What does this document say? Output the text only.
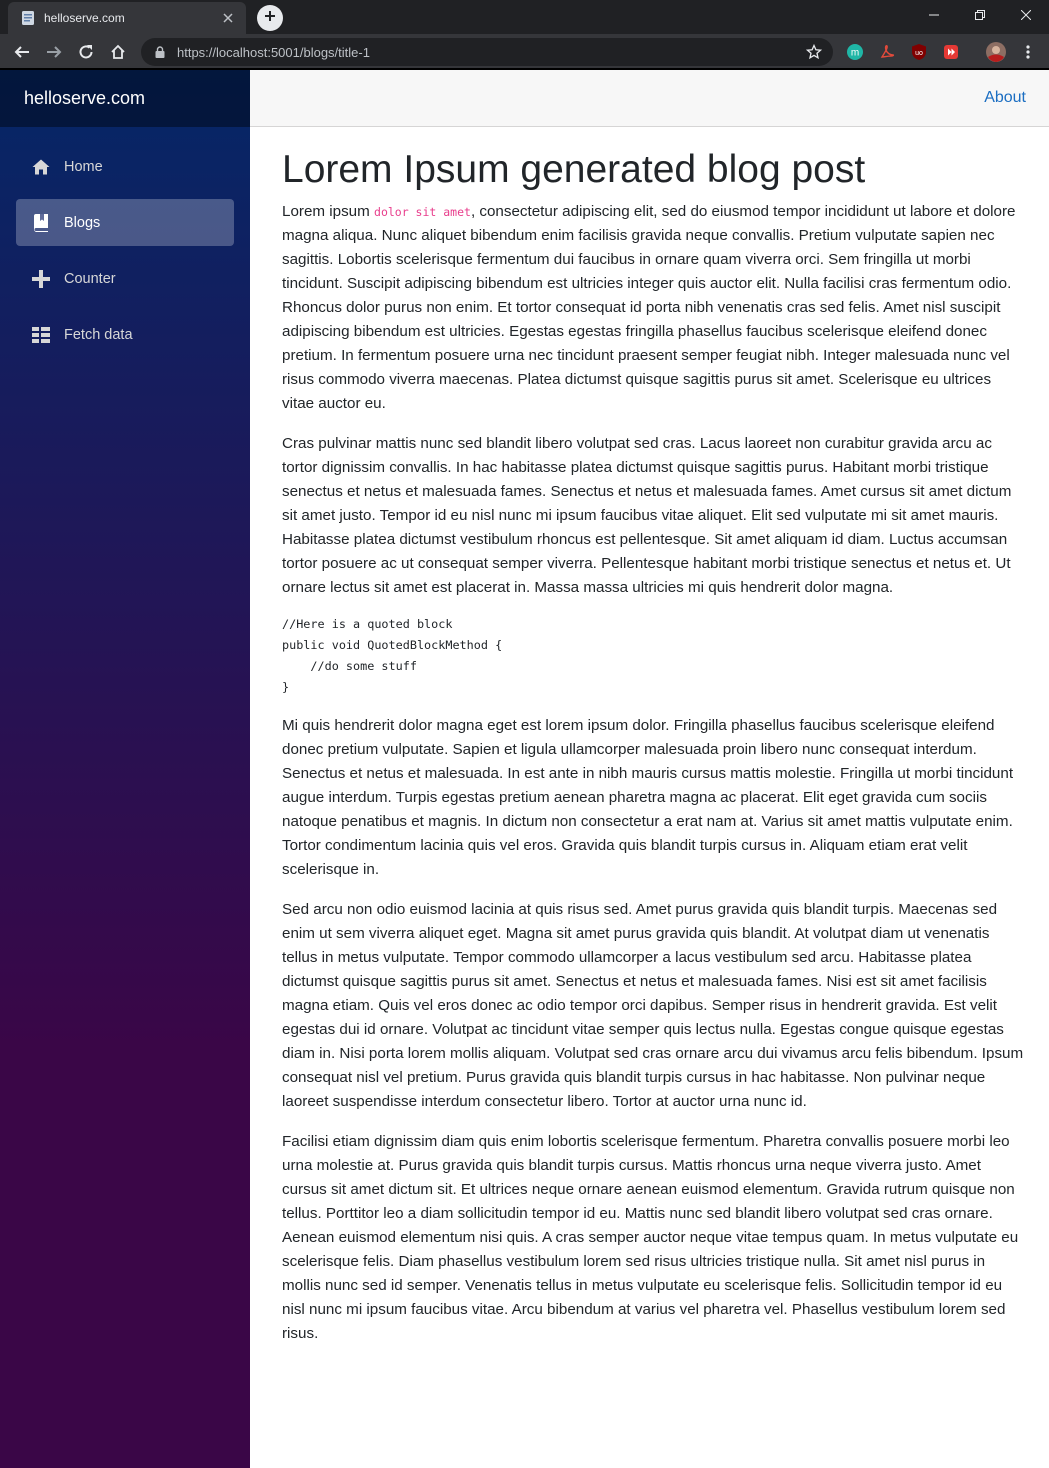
helloserve.com
https://localhost:5001/blogs/title-1	m	uo
helloserve.com
Home
Blogs
Counter
Fetch data
About
Lorem Ipsum generated blog post

Lorem ipsum dolor sit amet, consectetur adipiscing elit, sed do eiusmod tempor incididunt ut labore et dolore magna aliqua. Nunc aliquet bibendum enim facilisis gravida neque convallis. Pretium vulputate sapien nec sagittis. Lobortis scelerisque fermentum dui faucibus in ornare quam viverra orci. Sem fringilla ut morbi tincidunt. Suscipit adipiscing bibendum est ultricies integer quis auctor elit. Nulla facilisi cras fermentum odio. Rhoncus dolor purus non enim. Et tortor consequat id porta nibh venenatis cras sed felis. Amet nisl suscipit adipiscing bibendum est ultricies. Egestas egestas fringilla phasellus faucibus scelerisque eleifend donec pretium. In fermentum posuere urna nec tincidunt praesent semper feugiat nibh. Integer malesuada nunc vel risus commodo viverra maecenas. Platea dictumst quisque sagittis purus sit amet. Scelerisque eu ultrices vitae auctor eu.

Cras pulvinar mattis nunc sed blandit libero volutpat sed cras. Lacus laoreet non curabitur gravida arcu ac tortor dignissim convallis. In hac habitasse platea dictumst quisque sagittis purus. Habitant morbi tristique senectus et netus et malesuada fames. Senectus et netus et malesuada fames. Amet cursus sit amet dictum sit amet justo. Tempor id eu nisl nunc mi ipsum faucibus vitae aliquet. Elit sed vulputate mi sit amet mauris. Habitasse platea dictumst vestibulum rhoncus est pellentesque. Sit amet aliquam id diam. Luctus accumsan tortor posuere ac ut consequat semper viverra. Pellentesque habitant morbi tristique senectus et netus et. Ut ornare lectus sit amet est placerat in. Massa massa ultricies mi quis hendrerit dolor magna.

//Here is a quoted block
public void QuotedBlockMethod {
//do some stuff
}

Mi quis hendrerit dolor magna eget est lorem ipsum dolor. Fringilla phasellus faucibus scelerisque eleifend donec pretium vulputate. Sapien et ligula ullamcorper malesuada proin libero nunc consequat interdum. Senectus et netus et malesuada. In est ante in nibh mauris cursus mattis molestie. Fringilla ut morbi tincidunt augue interdum. Turpis egestas pretium aenean pharetra magna ac placerat. Elit eget gravida cum sociis natoque penatibus et magnis. In dictum non consectetur a erat nam at. Varius sit amet mattis vulputate enim. Tortor condimentum lacinia quis vel eros. Gravida quis blandit turpis cursus in. Aliquam etiam erat velit scelerisque in.

Sed arcu non odio euismod lacinia at quis risus sed. Amet purus gravida quis blandit turpis. Maecenas sed enim ut sem viverra aliquet eget. Magna sit amet purus gravida quis blandit. At volutpat diam ut venenatis tellus in metus vulputate. Tempor commodo ullamcorper a lacus vestibulum sed arcu. Habitasse platea dictumst quisque sagittis purus sit amet. Senectus et netus et malesuada fames. Nisi est sit amet facilisis magna etiam. Quis vel eros donec ac odio tempor orci dapibus. Semper risus in hendrerit gravida. Est velit egestas dui id ornare. Volutpat ac tincidunt vitae semper quis lectus nulla. Egestas congue quisque egestas diam in. Nisi porta lorem mollis aliquam. Volutpat sed cras ornare arcu dui vivamus arcu felis bibendum. Ipsum consequat nisl vel pretium. Purus gravida quis blandit turpis cursus in hac habitasse. Non pulvinar neque laoreet suspendisse interdum consectetur libero. Tortor at auctor urna nunc id.

Facilisi etiam dignissim diam quis enim lobortis scelerisque fermentum. Pharetra convallis posuere morbi leo urna molestie at. Purus gravida quis blandit turpis cursus. Mattis rhoncus urna neque viverra justo. Amet cursus sit amet dictum sit. Et ultrices neque ornare aenean euismod elementum. Gravida rutrum quisque non tellus. Porttitor leo a diam sollicitudin tempor id eu. Mattis nunc sed blandit libero volutpat sed cras ornare. Aenean euismod elementum nisi quis. A cras semper auctor neque vitae tempus quam. In metus vulputate eu scelerisque felis. Diam phasellus vestibulum lorem sed risus ultricies tristique nulla. Sit amet nisl purus in mollis nunc sed id semper. Venenatis tellus in metus vulputate eu scelerisque felis. Sollicitudin tempor id eu nisl nunc mi ipsum faucibus vitae. Arcu bibendum at varius vel pharetra vel. Phasellus vestibulum lorem sed risus.
